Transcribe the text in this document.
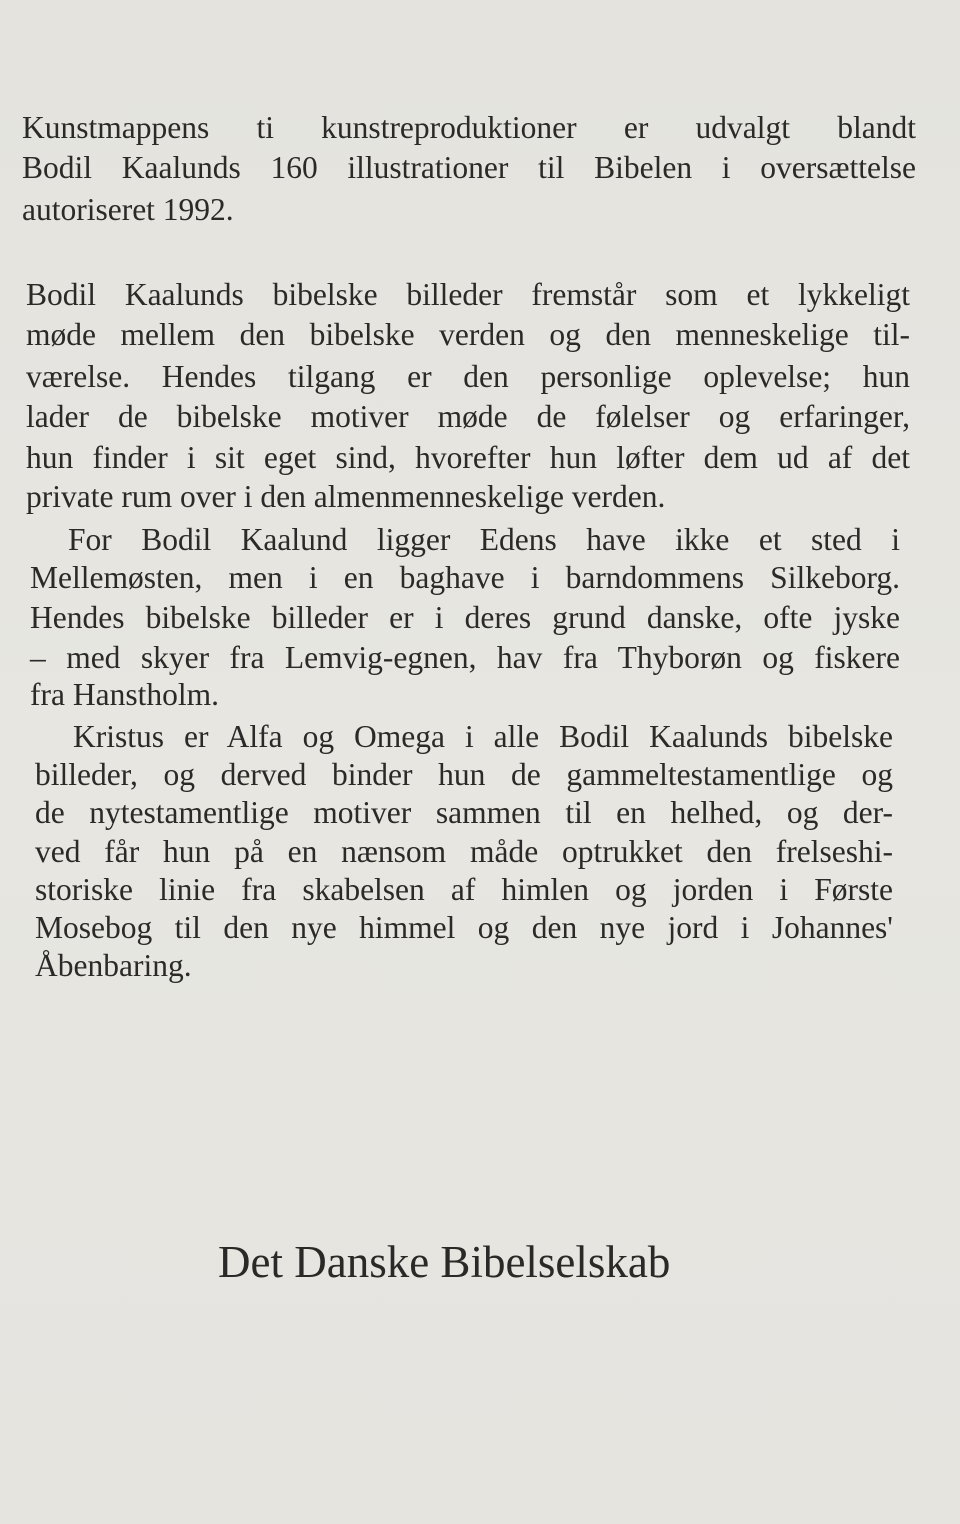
Kunstmappens ti kunstreproduktioner er udvalgt blandt
Bodil Kaalunds 160 illustrationer til Bibelen i oversættelse
autoriseret 1992.
Bodil Kaalunds bibelske billeder fremstår som et lykkeligt
møde mellem den bibelske verden og den menneskelige til-
værelse. Hendes tilgang er den personlige oplevelse; hun
lader de bibelske motiver møde de følelser og erfaringer,
hun finder i sit eget sind, hvorefter hun løfter dem ud af det
private rum over i den almenmenneskelige verden.
For Bodil Kaalund ligger Edens have ikke et sted i
Mellemøsten, men i en baghave i barndommens Silkeborg.
Hendes bibelske billeder er i deres grund danske, ofte jyske
– med skyer fra Lemvig-egnen, hav fra Thyborøn og fiskere
fra Hanstholm.
Kristus er Alfa og Omega i alle Bodil Kaalunds bibelske
billeder, og derved binder hun de gammeltestamentlige og
de nytestamentlige motiver sammen til en helhed, og der-
ved får hun på en nænsom måde optrukket den frelseshi-
storiske linie fra skabelsen af himlen og jorden i Første
Mosebog til den nye himmel og den nye jord i Johannes'
Åbenbaring.
Det Danske Bibelselskab
